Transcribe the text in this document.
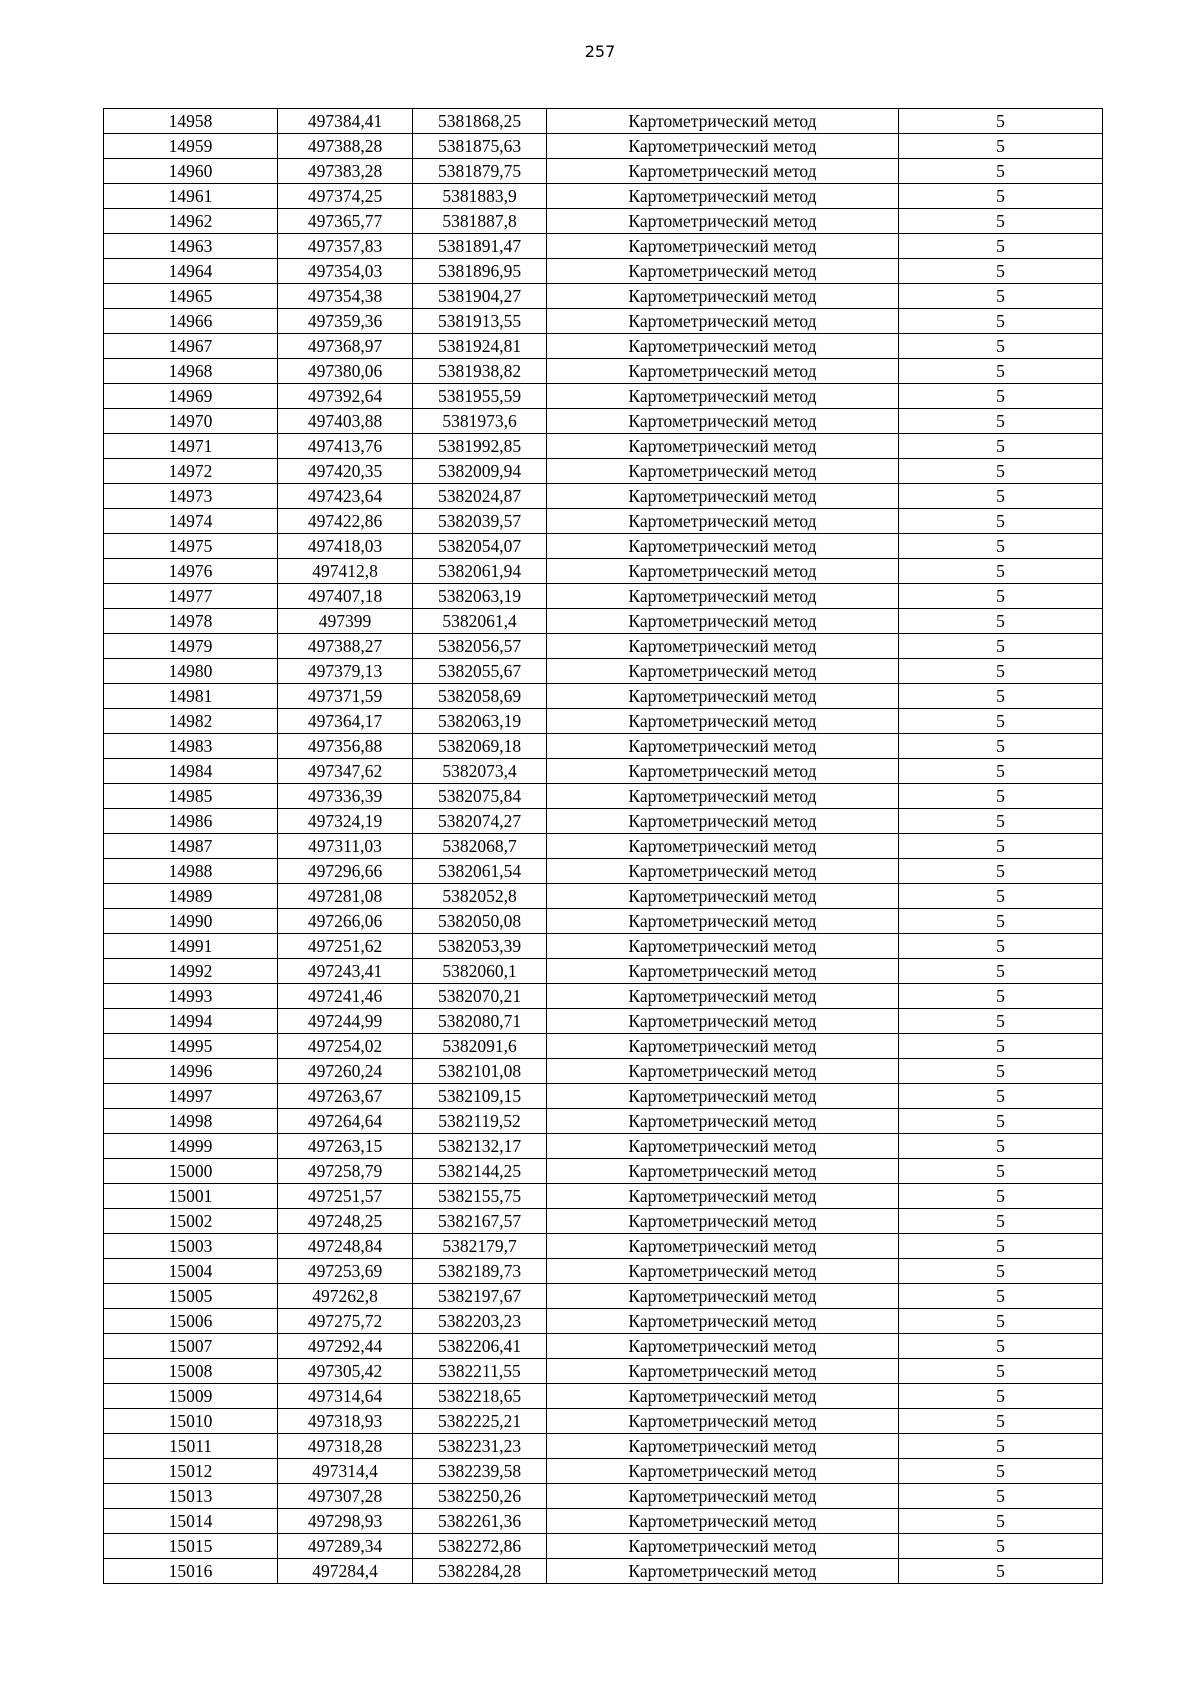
257
14958	497384,41	5381868,25	Картометрический метод	5
14959	497388,28	5381875,63	Картометрический метод	5
14960	497383,28	5381879,75	Картометрический метод	5
14961	497374,25	5381883,9	Картометрический метод	5
14962	497365,77	5381887,8	Картометрический метод	5
14963	497357,83	5381891,47	Картометрический метод	5
14964	497354,03	5381896,95	Картометрический метод	5
14965	497354,38	5381904,27	Картометрический метод	5
14966	497359,36	5381913,55	Картометрический метод	5
14967	497368,97	5381924,81	Картометрический метод	5
14968	497380,06	5381938,82	Картометрический метод	5
14969	497392,64	5381955,59	Картометрический метод	5
14970	497403,88	5381973,6	Картометрический метод	5
14971	497413,76	5381992,85	Картометрический метод	5
14972	497420,35	5382009,94	Картометрический метод	5
14973	497423,64	5382024,87	Картометрический метод	5
14974	497422,86	5382039,57	Картометрический метод	5
14975	497418,03	5382054,07	Картометрический метод	5
14976	497412,8	5382061,94	Картометрический метод	5
14977	497407,18	5382063,19	Картометрический метод	5
14978	497399	5382061,4	Картометрический метод	5
14979	497388,27	5382056,57	Картометрический метод	5
14980	497379,13	5382055,67	Картометрический метод	5
14981	497371,59	5382058,69	Картометрический метод	5
14982	497364,17	5382063,19	Картометрический метод	5
14983	497356,88	5382069,18	Картометрический метод	5
14984	497347,62	5382073,4	Картометрический метод	5
14985	497336,39	5382075,84	Картометрический метод	5
14986	497324,19	5382074,27	Картометрический метод	5
14987	497311,03	5382068,7	Картометрический метод	5
14988	497296,66	5382061,54	Картометрический метод	5
14989	497281,08	5382052,8	Картометрический метод	5
14990	497266,06	5382050,08	Картометрический метод	5
14991	497251,62	5382053,39	Картометрический метод	5
14992	497243,41	5382060,1	Картометрический метод	5
14993	497241,46	5382070,21	Картометрический метод	5
14994	497244,99	5382080,71	Картометрический метод	5
14995	497254,02	5382091,6	Картометрический метод	5
14996	497260,24	5382101,08	Картометрический метод	5
14997	497263,67	5382109,15	Картометрический метод	5
14998	497264,64	5382119,52	Картометрический метод	5
14999	497263,15	5382132,17	Картометрический метод	5
15000	497258,79	5382144,25	Картометрический метод	5
15001	497251,57	5382155,75	Картометрический метод	5
15002	497248,25	5382167,57	Картометрический метод	5
15003	497248,84	5382179,7	Картометрический метод	5
15004	497253,69	5382189,73	Картометрический метод	5
15005	497262,8	5382197,67	Картометрический метод	5
15006	497275,72	5382203,23	Картометрический метод	5
15007	497292,44	5382206,41	Картометрический метод	5
15008	497305,42	5382211,55	Картометрический метод	5
15009	497314,64	5382218,65	Картометрический метод	5
15010	497318,93	5382225,21	Картометрический метод	5
15011	497318,28	5382231,23	Картометрический метод	5
15012	497314,4	5382239,58	Картометрический метод	5
15013	497307,28	5382250,26	Картометрический метод	5
15014	497298,93	5382261,36	Картометрический метод	5
15015	497289,34	5382272,86	Картометрический метод	5
15016	497284,4	5382284,28	Картометрический метод	5
